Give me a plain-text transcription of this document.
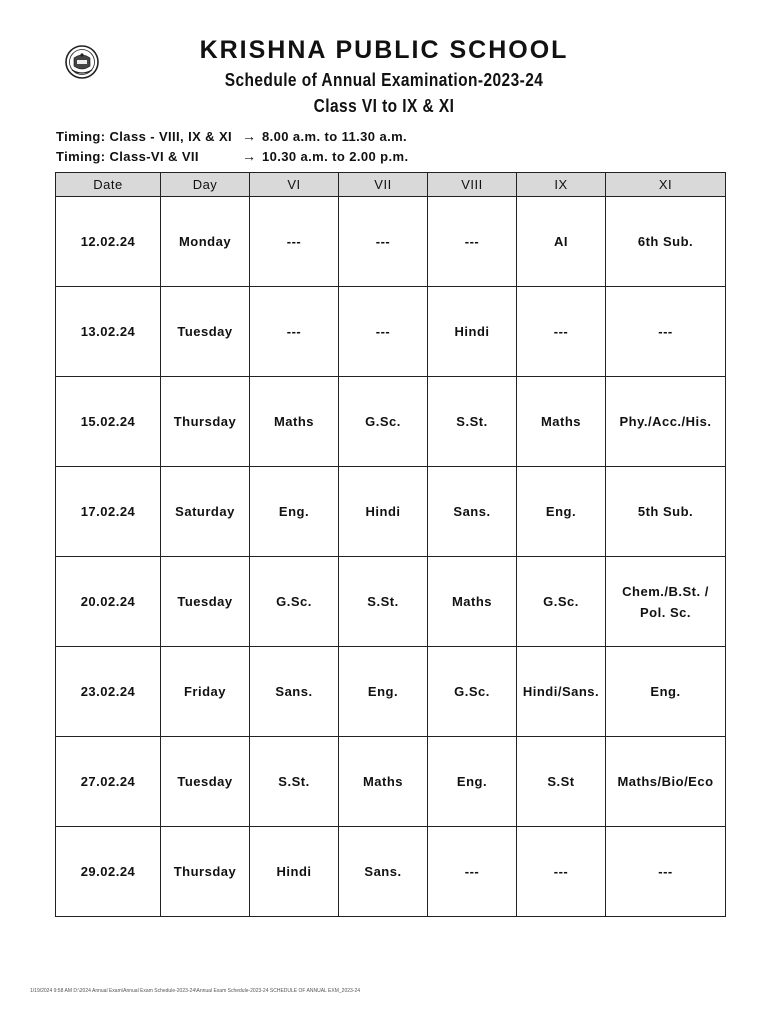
KRISHNA PUBLIC SCHOOL
Schedule of Annual Examination-2023-24
Class VI to IX & XI
Timing: Class - VIII, IX & XI → 8.00 a.m. to 11.30 a.m.
Timing: Class-VI & VII	→ 10.30 a.m. to 2.00 p.m.
Date	Day	VI	VII	VIII	IX	XI
12.02.24	Monday	---	---	---	AI	6th Sub.
13.02.24	Tuesday	---	---	Hindi	---	---
15.02.24	Thursday	Maths	G.Sc.	S.St.	Maths	Phy./Acc./His.
17.02.24	Saturday	Eng.	Hindi	Sans.	Eng.	5th Sub.
20.02.24	Tuesday	G.Sc.	S.St.	Maths	G.Sc.	Chem./B.St. / Pol. Sc.
23.02.24	Friday	Sans.	Eng.	G.Sc.	Hindi/Sans.	Eng.
27.02.24	Tuesday	S.St.	Maths	Eng.	S.St	Maths/Bio/Eco
29.02.24	Thursday	Hindi	Sans.	---	---	---
1/19/2024 9:58 AM D:\2024 Annual Exam\Annual Exam Schedule-2023-24\Annual Exam Schedule-2023-24 SCHEDULE OF ANNUAL EXM_2023-24
